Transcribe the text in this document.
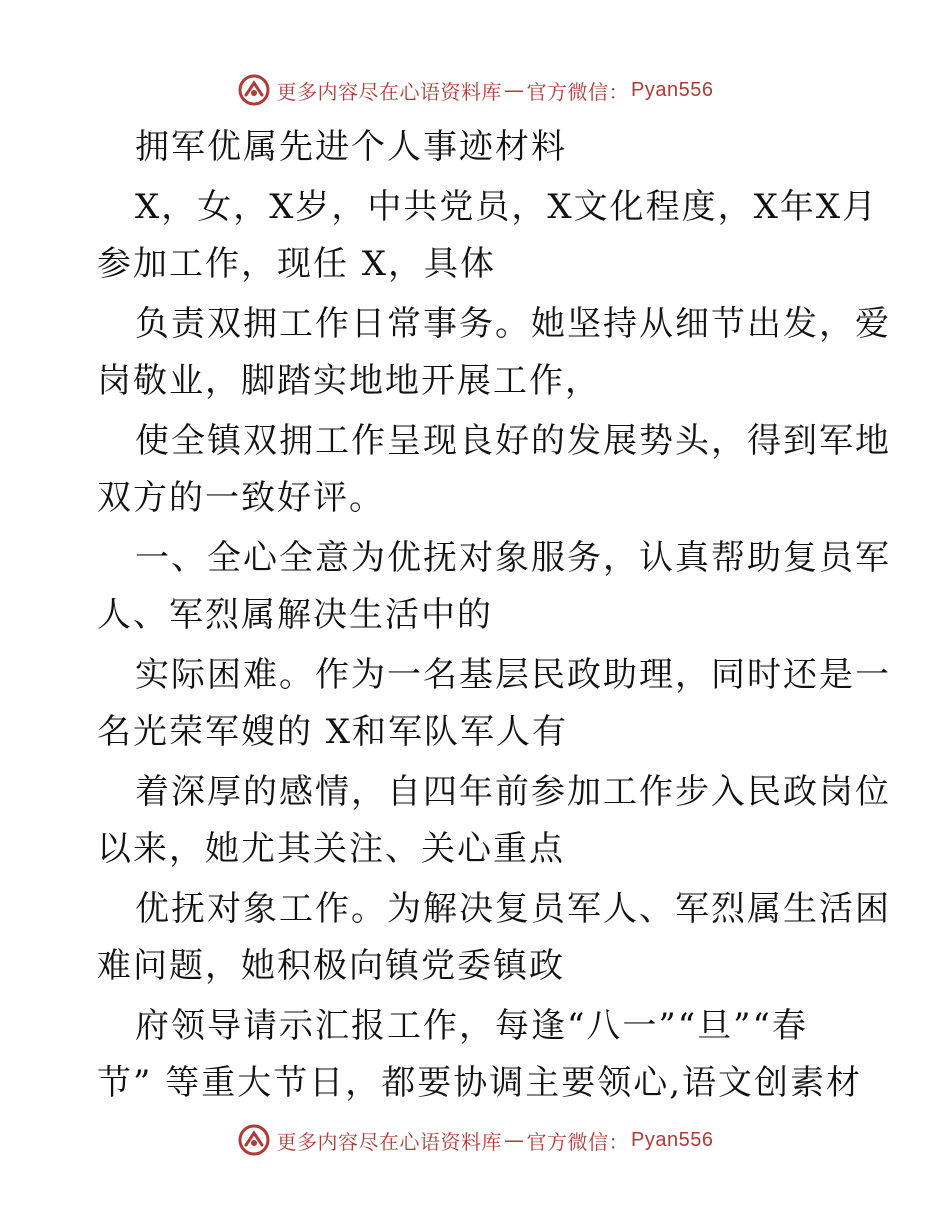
更多内容尽在心语资料库 — 官方微信： Pyan556
拥军优属先进个人事迹材料
X，女，X岁，中共党员，X文化程度，X年X月
参加工作，现任 X，具体
负责双拥工作日常事务。她坚持从细节出发，爱
岗敬业，脚踏实地地开展工作，
使全镇双拥工作呈现良好的发展势头，得到军地
双方的一致好评。
一、全心全意为优抚对象服务，认真帮助复员军
人、军烈属解决生活中的
实际困难。作为一名基层民政助理，同时还是一
名光荣军嫂的 X和军队军人有
着深厚的感情，自四年前参加工作步入民政岗位
以来，她尤其关注、关心重点
优抚对象工作。为解决复员军人、军烈属生活困
难问题，她积极向镇党委镇政
府领导请示汇报工作，每逢“八一”“旦”“春
节” 等重大节日，都要协调主要领心,语文创素材
更多内容尽在心语资料库 — 官方微信： Pyan556
